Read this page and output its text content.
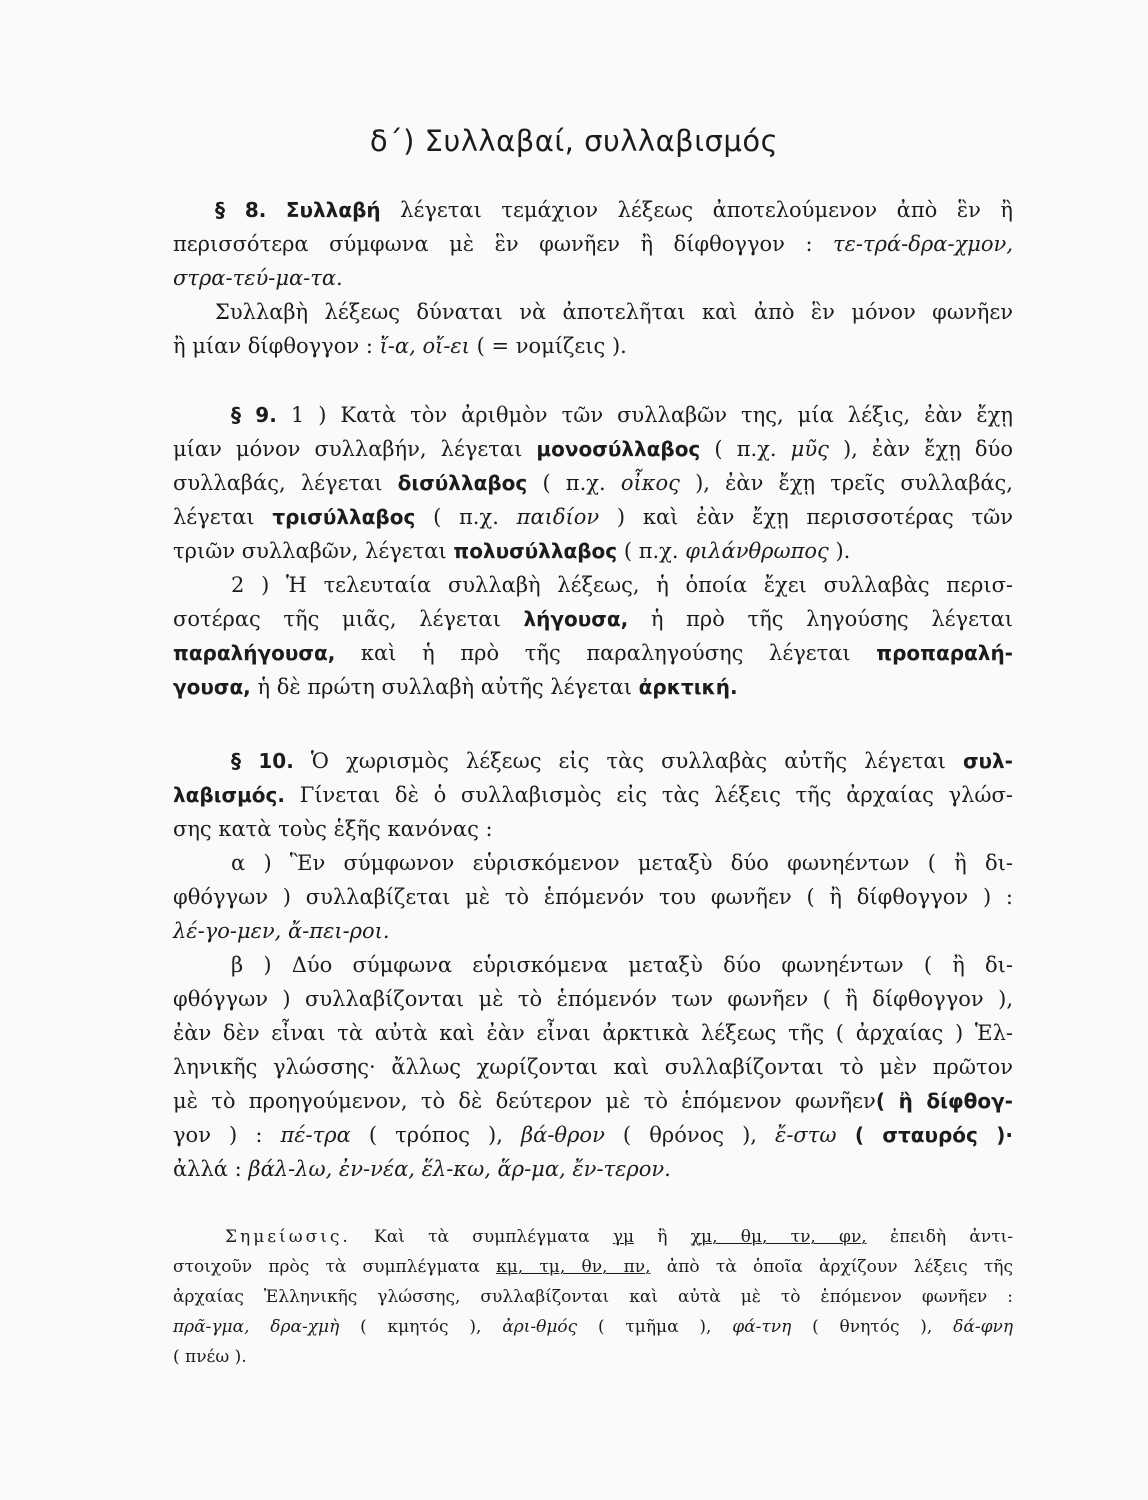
δ΄) Συλλαβαί, συλλαβισμός
§ 8. Συλλαβή λέγεται τεμάχιον λέξεως ἀποτελούμενον ἀπὸ ἓν ἢ
περισσότερα σύμφωνα μὲ ἓν φωνῆεν ἢ δίφθογγον : τε-τρά-δρα-χμον,
στρα-τεύ-μα-τα.
Συλλαβὴ λέξεως δύναται νὰ ἀποτελῆται καὶ ἀπὸ ἓν μόνον φωνῆεν
ἢ μίαν δίφθογγον : ἴ-α, οἴ-ει ( = νομίζεις ).
§ 9. 1 ) Κατὰ τὸν ἀριθμὸν τῶν συλλαβῶν της, μία λέξις, ἐὰν ἔχῃ
μίαν μόνον συλλαβήν, λέγεται μονοσύλλαβος ( π.χ. μῦς ), ἐὰν ἔχῃ δύο
συλλαβάς, λέγεται δισύλλαβος ( π.χ. οἶκος ), ἐὰν ἔχῃ τρεῖς συλλαβάς,
λέγεται τρισύλλαβος ( π.χ. παιδίον ) καὶ ἐὰν ἔχῃ περισσοτέρας τῶν
τριῶν συλλαβῶν, λέγεται πολυσύλλαβος ( π.χ. φιλάνθρωπος ).
2 ) Ἡ τελευταία συλλαβὴ λέξεως, ἡ ὁποία ἔχει συλλαβὰς περισ-
σοτέρας τῆς μιᾶς, λέγεται λήγουσα, ἡ πρὸ τῆς ληγούσης λέγεται
παραλήγουσα, καὶ ἡ πρὸ τῆς παραληγούσης λέγεται προπαραλή-
γουσα, ἡ δὲ πρώτη συλλαβὴ αὐτῆς λέγεται ἀρκτική.
§ 10. Ὁ χωρισμὸς λέξεως εἰς τὰς συλλαβὰς αὐτῆς λέγεται συλ-
λαβισμός. Γίνεται δὲ ὁ συλλαβισμὸς εἰς τὰς λέξεις τῆς ἀρχαίας γλώσ-
σης κατὰ τοὺς ἑξῆς κανόνας :
α ) Ἓν σύμφωνον εὑρισκόμενον μεταξὺ δύο φωνηέντων ( ἢ δι-
φθόγγων ) συλλαβίζεται μὲ τὸ ἑπόμενόν του φωνῆεν ( ἢ δίφθογγον ) :
λέ-γο-μεν, ἄ-πει-ροι.
β ) Δύο σύμφωνα εὑρισκόμενα μεταξὺ δύο φωνηέντων ( ἢ δι-
φθόγγων ) συλλαβίζονται μὲ τὸ ἑπόμενόν των φωνῆεν ( ἢ δίφθογγον ),
ἐὰν δὲν εἶναι τὰ αὐτὰ καὶ ἐὰν εἶναι ἀρκτικὰ λέξεως τῆς ( ἀρχαίας ) Ἑλ-
ληνικῆς γλώσσης· ἄλλως χωρίζονται καὶ συλλαβίζονται τὸ μὲν πρῶτον
μὲ τὸ προηγούμενον, τὸ δὲ δεύτερον μὲ τὸ ἑπόμενον φωνῆεν( ἢ δίφθογ-
γον ) : πέ-τρα ( τρόπος ), βά-θρον ( θρόνος ), ἔ-στω ( σταυρός )·
ἀλλά : βάλ-λω, ἐν-νέα, ἕλ-κω, ἅρ-μα, ἔν-τερον.
Σημείωσις. Καὶ τὰ συμπλέγματα γμ ἢ χμ, θμ, τν, φν, ἐπειδὴ ἀντι-
στοιχοῦν πρὸς τὰ συμπλέγματα κμ, τμ, θν, πν, ἀπὸ τὰ ὁποῖα ἀρχίζουν λέξεις τῆς
ἀρχαίας Ἑλληνικῆς γλώσσης, συλλαβίζονται καὶ αὐτὰ μὲ τὸ ἑπόμενον φωνῆεν :
πρᾶ-γμα, δρα-χμὴ ( κμητός ), ἀρι-θμός ( τμῆμα ), φά-τνη ( θνητός ), δά-φνη
( πνέω ).
